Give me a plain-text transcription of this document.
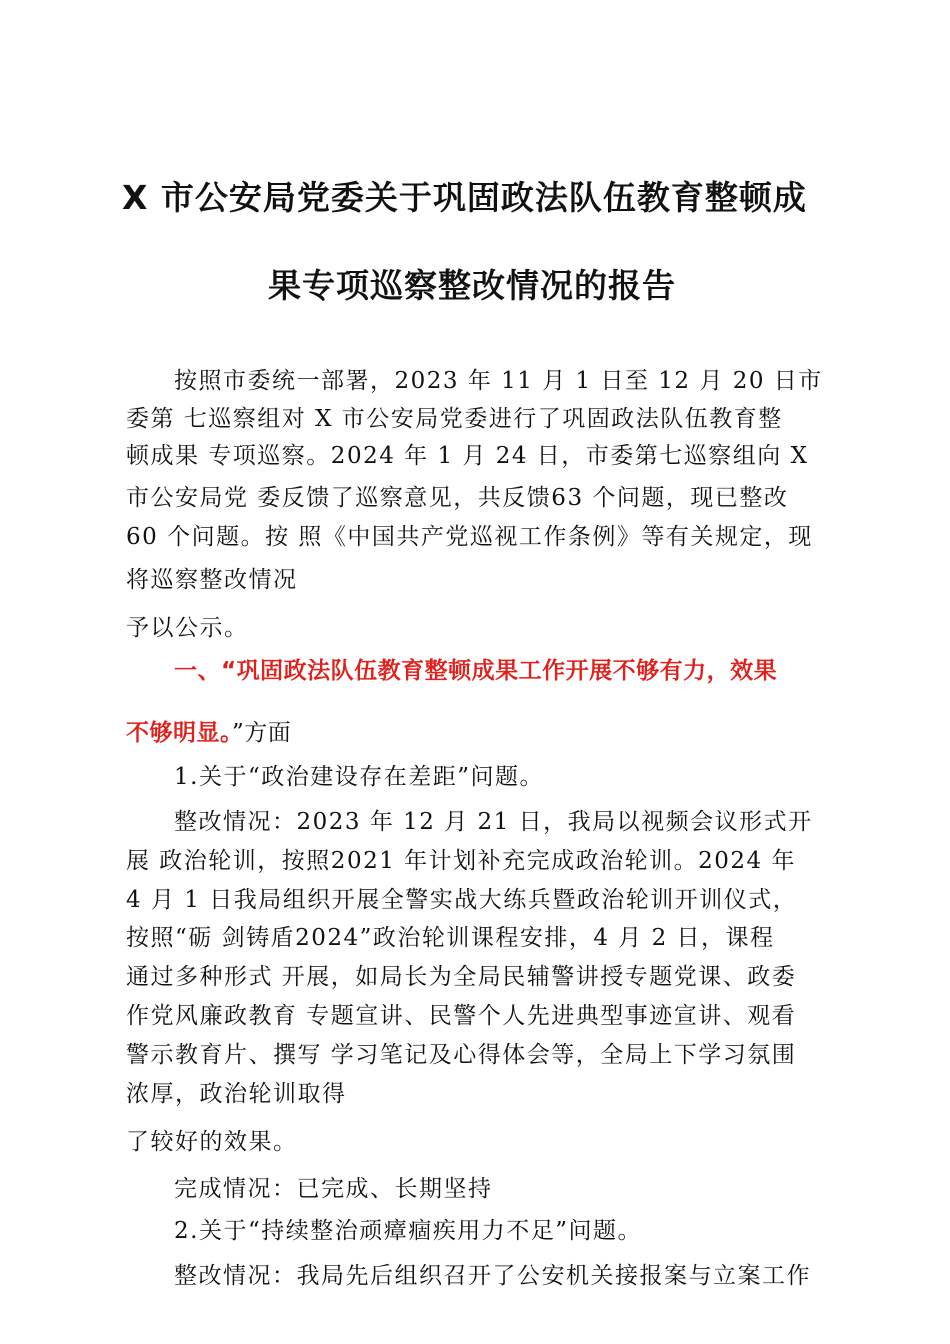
X 市公安局党委关于巩固政法队伍教育整顿成
果专项巡察整改情况的报告
按照市委统一部署，2023 年 11 月 1 日至 12 月 20 日市
委第 七巡察组对 X 市公安局党委进行了巩固政法队伍教育整
顿成果 专项巡察。2024 年 1 月 24 日，市委第七巡察组向 X
市公安局党 委反馈了巡察意见，共反馈63 个问题，现已整改
60 个问题。按 照《中国共产党巡视工作条例》等有关规定，现
将巡察整改情况
予以公示。
一、“巩固政法队伍教育整顿成果工作开展不够有力，效果
不够明显。”方面
1.关于“政治建设存在差距”问题。
整改情况：2023 年 12 月 21 日，我局以视频会议形式开
展 政治轮训，按照2021 年计划补充完成政治轮训。2024 年
4 月 1 日我局组织开展全警实战大练兵暨政治轮训开训仪式，
按照“砺 剑铸盾2024”政治轮训课程安排，4 月 2 日，课程
通过多种形式 开展，如局长为全局民辅警讲授专题党课、政委
作党风廉政教育 专题宣讲、民警个人先进典型事迹宣讲、观看
警示教育片、撰写 学习笔记及心得体会等，全局上下学习氛围
浓厚，政治轮训取得
了较好的效果。
完成情况：已完成、长期坚持
2.关于“持续整治顽瘴痼疾用力不足”问题。
整改情况：我局先后组织召开了公安机关接报案与立案工作
